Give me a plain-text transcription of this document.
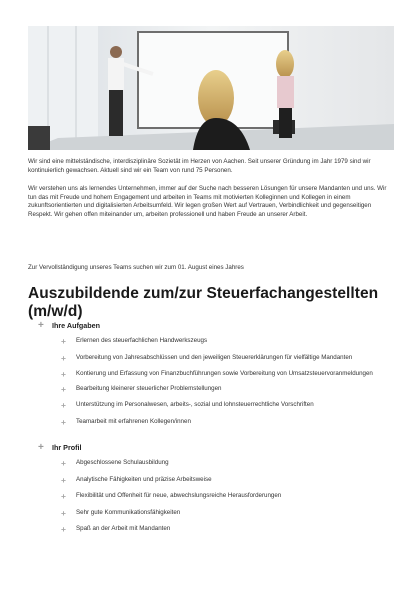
Wir sind eine mittelständische, interdisziplinäre Sozietät im Herzen von Aachen. Seit unserer Gründung im Jahr 1979 sind wir kontinuierlich gewachsen. Aktuell sind wir ein Team von rund 75 Personen.

Wir verstehen uns als lernendes Unternehmen, immer auf der Suche nach besseren Lösungen für unsere Mandanten und uns. Wir tun das mit Freude und hohem Engagement und arbeiten in Teams mit motivierten Kolleginnen und Kollegen in einem zukunftsorientierten und digitalisierten Arbeitsumfeld. Wir legen großen Wert auf Vertrauen, Verbindlichkeit und gegenseitigen Respekt. Wir gehen offen miteinander um, arbeiten professionell und haben Freude an unserer Arbeit.

Zur Vervollständigung unseres Teams suchen wir zum 01. August eines Jahres

Auszubildende zum/zur Steuerfachangestellten (m/w/d)
+ Ihre Aufgaben
+ Erlernen des steuerfachlichen Handwerkszeugs
+ Vorbereitung von Jahresabschlüssen und den jeweiligen Steuererklärungen für vielfältige Mandanten
+ Kontierung und Erfassung von Finanzbuchführungen sowie Vorbereitung von Umsatzsteuervoranmeldungen
+ Bearbeitung kleinerer steuerlicher Problemstellungen
+ Unterstützung im Personalwesen, arbeits-, sozial und lohnsteuerrechtliche Vorschriften
+ Teamarbeit mit erfahrenen Kollegen/innen
+ Ihr Profil
+ Abgeschlossene Schulausbildung
+ Analytische Fähigkeiten und präzise Arbeitsweise
+ Flexibilität und Offenheit für neue, abwechslungsreiche Herausforderungen
+ Sehr gute Kommunikationsfähigkeiten
+ Spaß an der Arbeit mit Mandanten
